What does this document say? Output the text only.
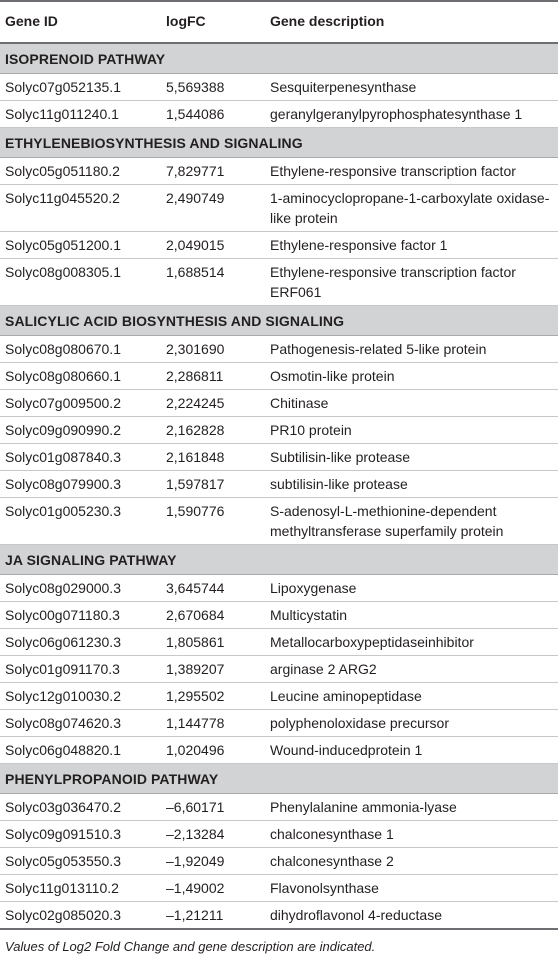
Gene ID	logFC	Gene description
ISOPRENOID PATHWAY		
Solyc07g052135.1	5,569388	Sesquiterpenesynthase
Solyc11g011240.1	1,544086	geranylgeranylpyrophosphatesynthase 1
ETHYLENEBIOSYNTHESIS AND SIGNALING		
Solyc05g051180.2	7,829771	Ethylene-responsive transcription factor
Solyc11g045520.2	2,490749	1-aminocyclopropane-1-carboxylate oxidase-like protein
Solyc05g051200.1	2,049015	Ethylene-responsive factor 1
Solyc08g008305.1	1,688514	Ethylene-responsive transcription factor ERF061
SALICYLIC ACID BIOSYNTHESIS AND SIGNALING		
Solyc08g080670.1	2,301690	Pathogenesis-related 5-like protein
Solyc08g080660.1	2,286811	Osmotin-like protein
Solyc07g009500.2	2,224245	Chitinase
Solyc09g090990.2	2,162828	PR10 protein
Solyc01g087840.3	2,161848	Subtilisin-like protease
Solyc08g079900.3	1,597817	subtilisin-like protease
Solyc01g005230.3	1,590776	S-adenosyl-L-methionine-dependent methyltransferase superfamily protein
JA SIGNALING PATHWAY		
Solyc08g029000.3	3,645744	Lipoxygenase
Solyc00g071180.3	2,670684	Multicystatin
Solyc06g061230.3	1,805861	Metallocarboxypeptidaseinhibitor
Solyc01g091170.3	1,389207	arginase 2 ARG2
Solyc12g010030.2	1,295502	Leucine aminopeptidase
Solyc08g074620.3	1,144778	polyphenoloxidase precursor
Solyc06g048820.1	1,020496	Wound-inducedprotein 1
PHENYLPROPANOID PATHWAY		
Solyc03g036470.2	–6,60171	Phenylalanine ammonia-lyase
Solyc09g091510.3	–2,13284	chalconesynthase 1
Solyc05g053550.3	–1,92049	chalconesynthase 2
Solyc11g013110.2	–1,49002	Flavonolsynthase
Solyc02g085020.3	–1,21211	dihydroflavonol 4-reductase
Values of Log2 Fold Change and gene description are indicated.
